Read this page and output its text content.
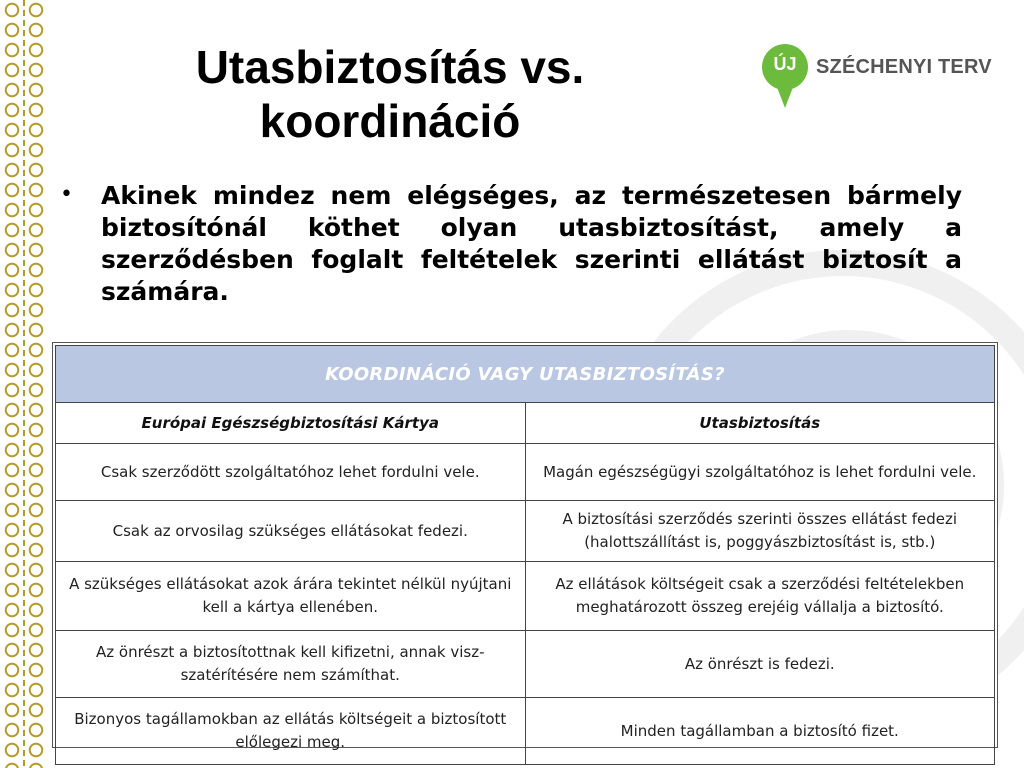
Utasbiztosítás vs.
koordináció
ÚJ SZÉCHENYI TERV
• Akinek mindez nem elégséges, az természetesen bármely biztosítónál köthet olyan utasbiztosítást, amely a szerződésben foglalt feltételek szerinti ellátást biztosít a számára.
KOORDINÁCIÓ VAGY UTASBIZTOSÍTÁS?	
Európai Egészségbiztosítási Kártya	Utasbiztosítás
Csak szerződött szolgáltatóhoz lehet fordulni vele.	Magán egészségügyi szolgáltatóhoz is lehet fordulni vele.
Csak az orvosilag szükséges ellátásokat fedezi.	A biztosítási szerződés szerinti összes ellátást fedezi (halottszállítást is, poggyászbiztosítást is, stb.)
A szükséges ellátásokat azok árára tekintet nélkül nyújtani kell a kártya ellenében.	Az ellátások költségeit csak a szerződési feltételekben meghatározott összeg erejéig vállalja a biztosító.
Az önrészt a biztosítottnak kell kifizetni, annak visz-szatérítésére nem számíthat.	Az önrészt is fedezi.
Bizonyos tagállamokban az ellátás költségeit a biztosított előlegezi meg.	Minden tagállamban a biztosító fizet.
